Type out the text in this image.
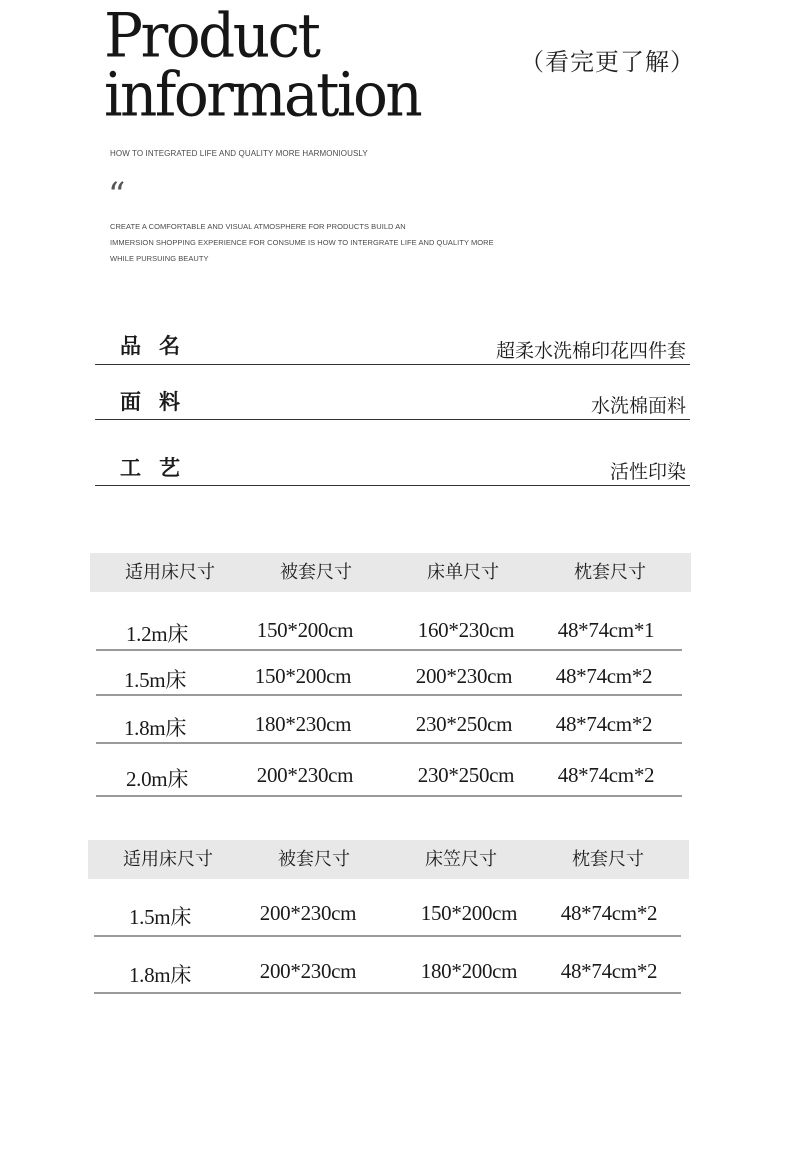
Product
information	（看完更了解）
HOW TO INTEGRATED LIFE AND QUALITY MORE HARMONIOUSLY
“
CREATE A COMFORTABLE AND VISUAL ATMOSPHERE FOR PRODUCTS BUILD AN
IMMERSION SHOPPING EXPERIENCE FOR CONSUME IS HOW TO INTERGRATE LIFE AND QUALITY MORE
WHILE PURSUING BEAUTY
品名	超柔水洗棉印花四件套
面料	水洗棉面料
工艺	活性印染
适用床尺寸	被套尺寸	床单尺寸	枕套尺寸
1.2m床	150*200cm	160*230cm 48*74cm*1
1.5m床	150*200cm	200*230cm 48*74cm*2
1.8m床	180*230cm	230*250cm 48*74cm*2
2.0m床	200*230cm	230*250cm 48*74cm*2
适用床尺寸	被套尺寸	床笠尺寸	枕套尺寸
1.5m床	200*230cm	150*200cm 48*74cm*2
1.8m床	200*230cm	180*200cm 48*74cm*2
